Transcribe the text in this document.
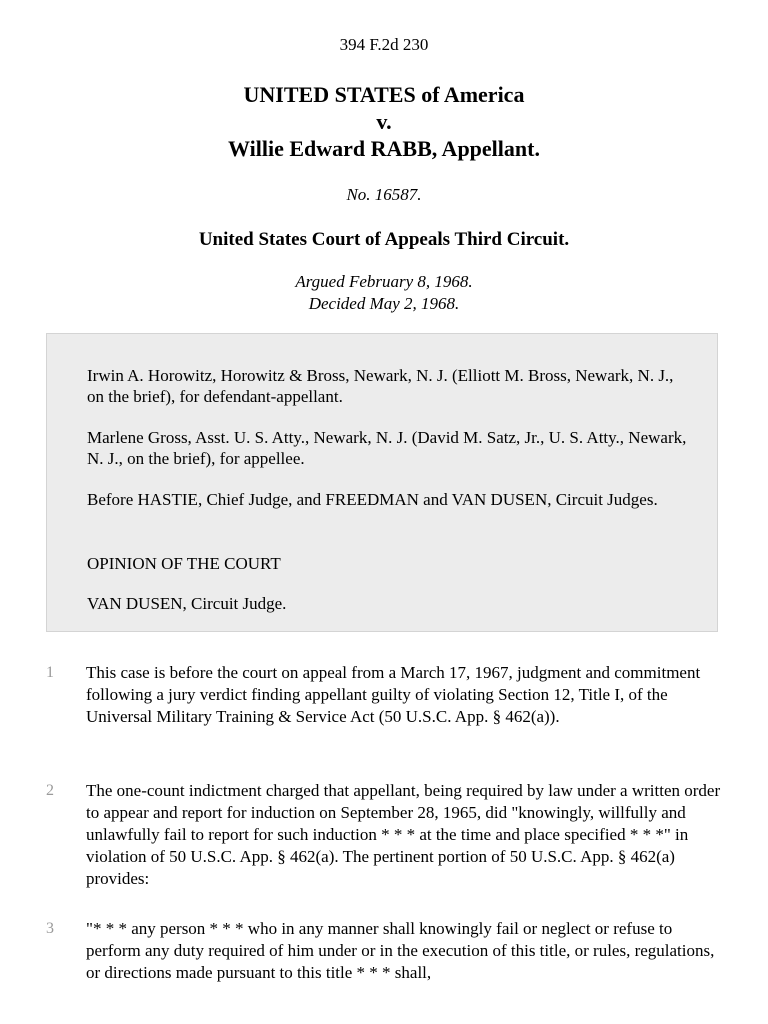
394 F.2d 230
UNITED STATES of America
v.
Willie Edward RABB, Appellant.
No. 16587.
United States Court of Appeals Third Circuit.
Argued February 8, 1968.
Decided May 2, 1968.

Irwin A. Horowitz, Horowitz & Bross, Newark, N. J. (Elliott M. Bross, Newark, N. J., on the brief), for defendant-appellant.

Marlene Gross, Asst. U. S. Atty., Newark, N. J. (David M. Satz, Jr., U. S. Atty., Newark, N. J., on the brief), for appellee.

Before HASTIE, Chief Judge, and FREEDMAN and VAN DUSEN, Circuit Judges.

OPINION OF THE COURT

VAN DUSEN, Circuit Judge.

1 This case is before the court on appeal from a March 17, 1967, judgment and commitment following a jury verdict finding appellant guilty of violating Section 12, Title I, of the Universal Military Training & Service Act (50 U.S.C. App. § 462(a)).

2 The one-count indictment charged that appellant, being required by law under a written order to appear and report for induction on September 28, 1965, did "knowingly, willfully and unlawfully fail to report for such induction * * * at the time and place specified * * *" in violation of 50 U.S.C. App. § 462(a). The pertinent portion of 50 U.S.C. App. § 462(a) provides:

3 "* * * any person * * * who in any manner shall knowingly fail or neglect or refuse to perform any duty required of him under or in the execution of this title, or rules, regulations, or directions made pursuant to this title * * * shall,
